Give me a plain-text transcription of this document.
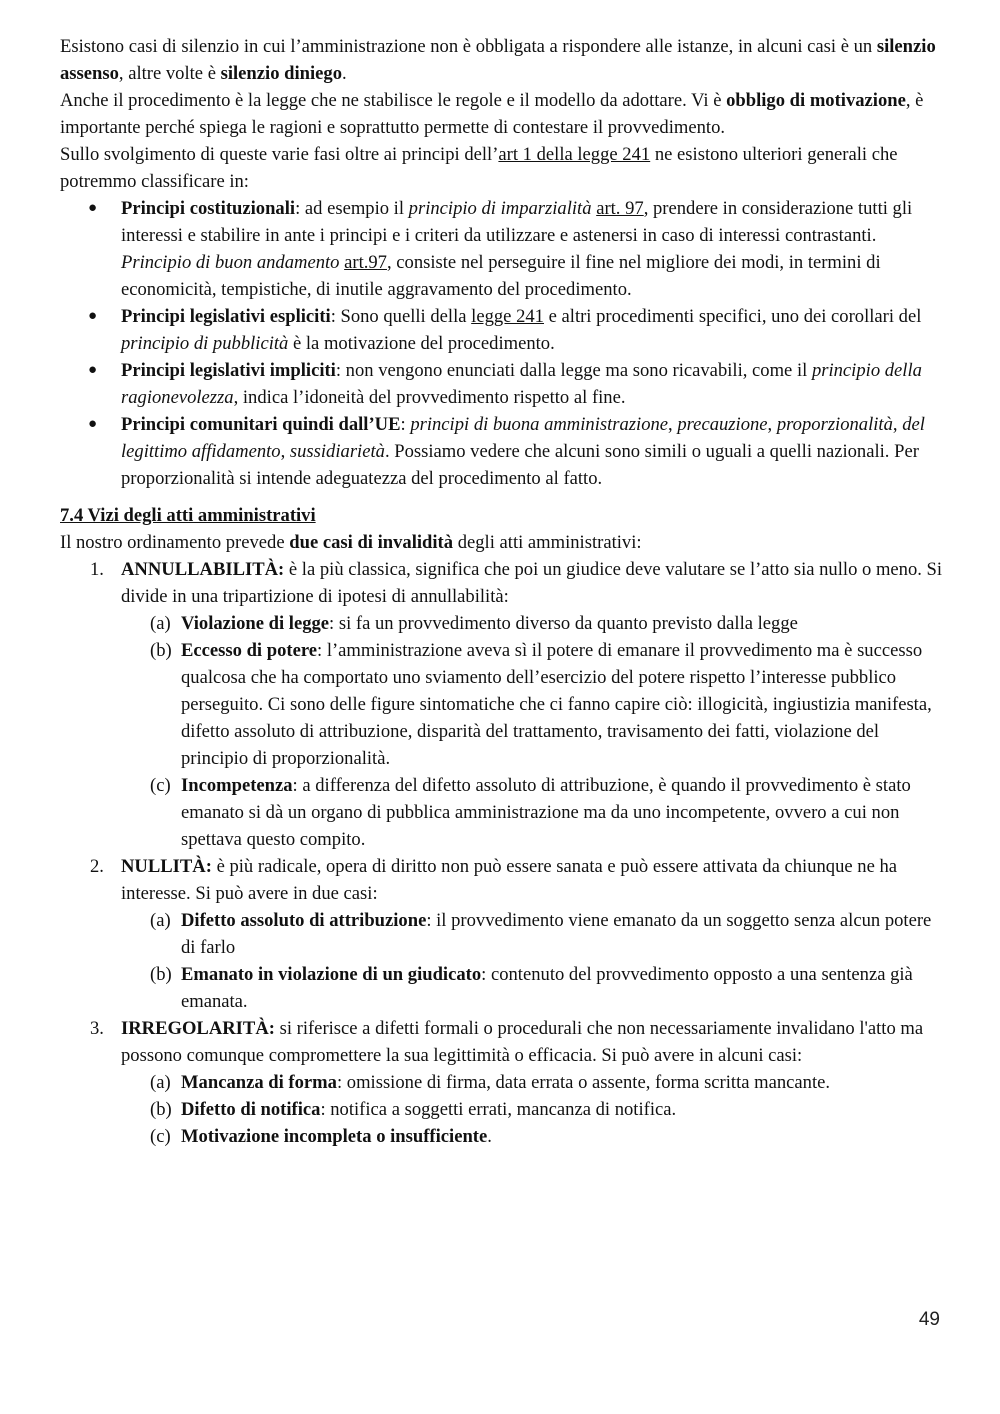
Esistono casi di silenzio in cui l’amministrazione non è obbligata a rispondere alle istanze, in alcuni casi è un silenzio assenso, altre volte è silenzio diniego.

Anche il procedimento è la legge che ne stabilisce le regole e il modello da adottare. Vi è obbligo di motivazione, è importante perché spiega le ragioni e soprattutto permette di contestare il provvedimento.

Sullo svolgimento di queste varie fasi oltre ai principi dell’art 1 della legge 241 ne esistono ulteriori generali che potremmo classificare in:

● Principi costituzionali: ad esempio il principio di imparzialità art. 97, prendere in considerazione tutti gli interessi e stabilire in ante i principi e i criteri da utilizzare e astenersi in caso di interessi contrastanti. Principio di buon andamento art.97, consiste nel perseguire il fine nel migliore dei modi, in termini di economicità, tempistiche, di inutile aggravamento del procedimento.
● Principi legislativi espliciti: Sono quelli della legge 241 e altri procedimenti specifici, uno dei corollari del principio di pubblicità è la motivazione del procedimento.
● Principi legislativi impliciti: non vengono enunciati dalla legge ma sono ricavabili, come il principio della ragionevolezza, indica l’idoneità del provvedimento rispetto al fine.
● Principi comunitari quindi dall’UE: principi di buona amministrazione, precauzione, proporzionalità, del legittimo affidamento, sussidiarietà. Possiamo vedere che alcuni sono simili o uguali a quelli nazionali. Per proporzionalità si intende adeguatezza del procedimento al fatto.

7.4 Vizi degli atti amministrativi

Il nostro ordinamento prevede due casi di invalidità degli atti amministrativi:

1. ANNULLABILITÀ: è la più classica, significa che poi un giudice deve valutare se l’atto sia nullo o meno. Si divide in una tripartizione di ipotesi di annullabilità:
(a) Violazione di legge: si fa un provvedimento diverso da quanto previsto dalla legge
(b) Eccesso di potere: l’amministrazione aveva sì il potere di emanare il provvedimento ma è successo qualcosa che ha comportato uno sviamento dell’esercizio del potere rispetto l’interesse pubblico perseguito. Ci sono delle figure sintomatiche che ci fanno capire ciò: illogicità, ingiustizia manifesta, difetto assoluto di attribuzione, disparità del trattamento, travisamento dei fatti, violazione del principio di proporzionalità.
(c) Incompetenza: a differenza del difetto assoluto di attribuzione, è quando il provvedimento è stato emanato si dà un organo di pubblica amministrazione ma da uno incompetente, ovvero a cui non spettava questo compito.
2. NULLITÀ: è più radicale, opera di diritto non può essere sanata e può essere attivata da chiunque ne ha interesse. Si può avere in due casi:
(a) Difetto assoluto di attribuzione: il provvedimento viene emanato da un soggetto senza alcun potere di farlo
(b) Emanato in violazione di un giudicato: contenuto del provvedimento opposto a una sentenza già emanata.
3. IRREGOLARITÀ: si riferisce a difetti formali o procedurali che non necessariamente invalidano l'atto ma possono comunque compromettere la sua legittimità o efficacia. Si può avere in alcuni casi:
(a) Mancanza di forma: omissione di firma, data errata o assente, forma scritta mancante.
(b) Difetto di notifica: notifica a soggetti errati, mancanza di notifica.
(c) Motivazione incompleta o insufficiente.
49
